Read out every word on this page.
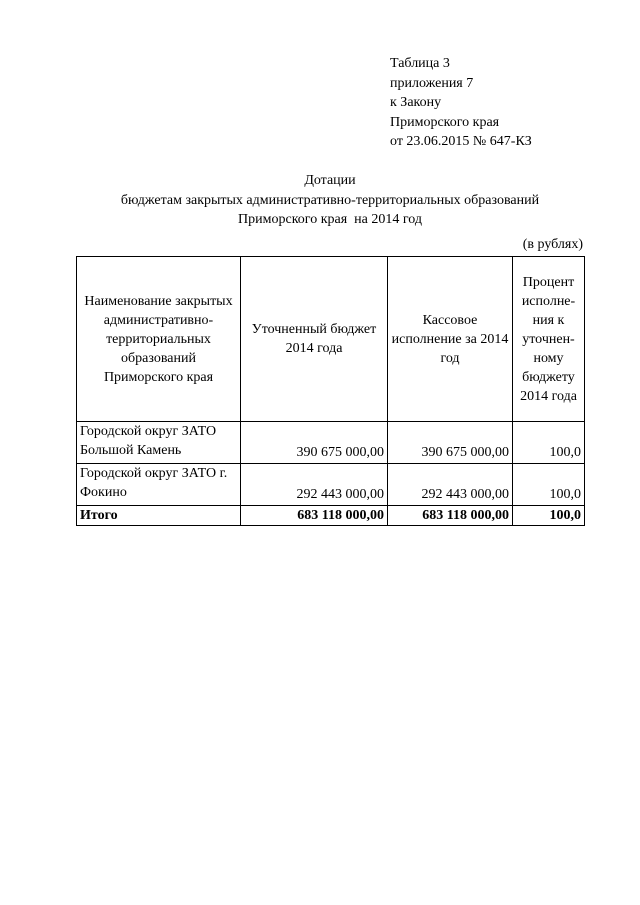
Таблица 3
приложения 7
к Закону
Приморского края
от 23.06.2015 № 647-КЗ
Дотации
бюджетам закрытых административно-территориальных образований
Приморского края  на 2014 год
(в рублях)
Наименование закрытых административно-территориальных образований Приморского края	Уточненный бюджет 2014 года	Кассовое исполнение за 2014 год	Процент исполне-ния к уточнен-ному бюджету 2014 года
Городской округ ЗАТО Большой Камень	390 675 000,00	390 675 000,00	100,0
Городской округ ЗАТО г. Фокино	292 443 000,00	292 443 000,00	100,0
Итого	683 118 000,00	683 118 000,00	100,0
